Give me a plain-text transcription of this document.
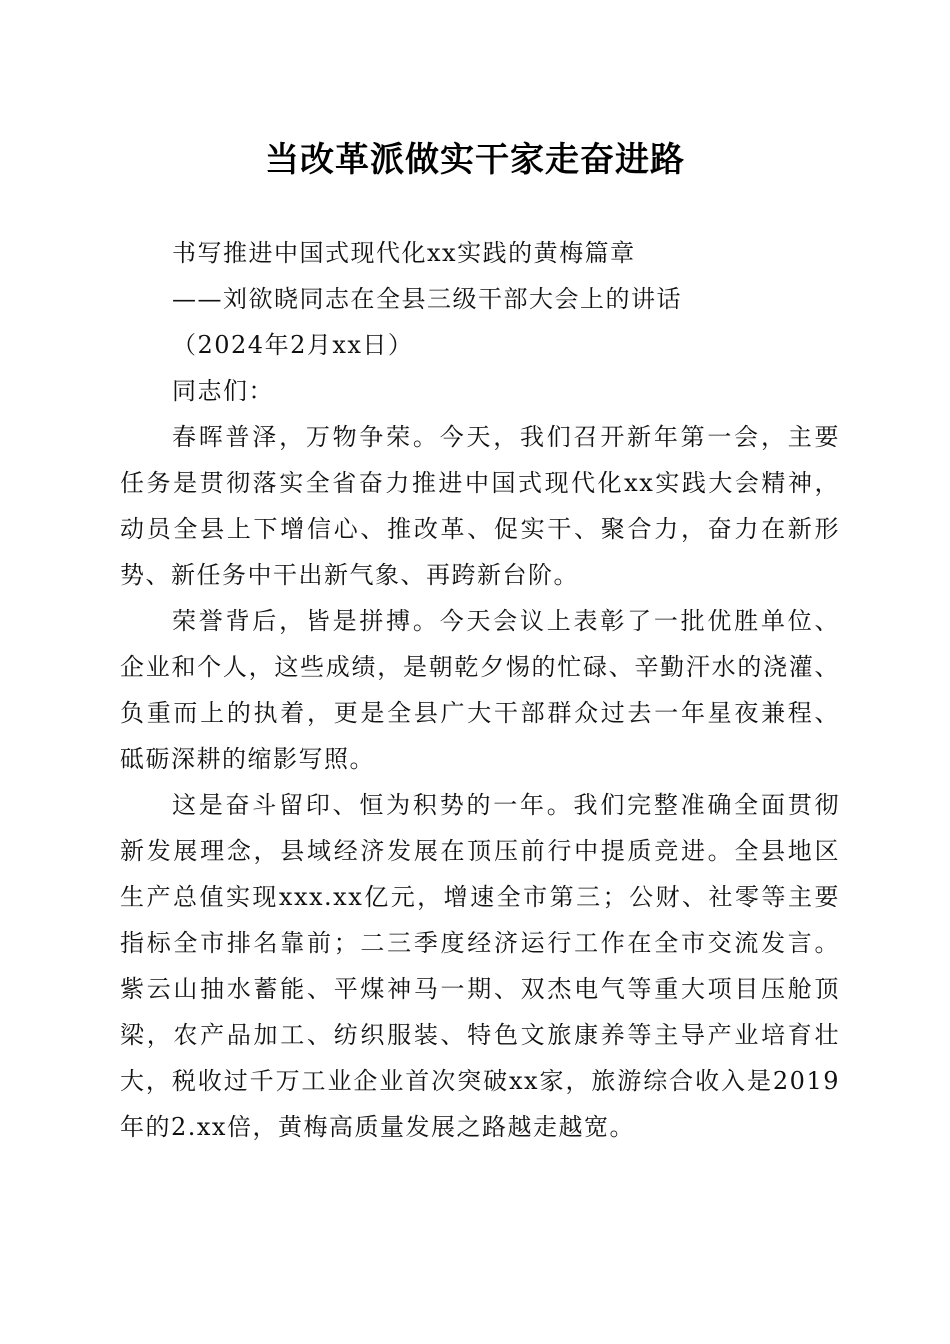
当改革派做实干家走奋进路
书写推进中国式现代化xx实践的黄梅篇章
——刘欲晓同志在全县三级干部大会上的讲话
（2024年2月xx日）
同志们：
春晖普泽，万物争荣。今天，我们召开新年第一会，主要
任务是贯彻落实全省奋力推进中国式现代化xx实践大会精神，
动员全县上下增信心、推改革、促实干、聚合力，奋力在新形
势、新任务中干出新气象、再跨新台阶。
荣誉背后，皆是拼搏。今天会议上表彰了一批优胜单位、
企业和个人，这些成绩，是朝乾夕惕的忙碌、辛勤汗水的浇灌、
负重而上的执着，更是全县广大干部群众过去一年星夜兼程、
砥砺深耕的缩影写照。
这是奋斗留印、恒为积势的一年。我们完整准确全面贯彻
新发展理念，县域经济发展在顶压前行中提质竞进。全县地区
生产总值实现xxx.xx亿元，增速全市第三；公财、社零等主要
指标全市排名靠前；二三季度经济运行工作在全市交流发言。
紫云山抽水蓄能、平煤神马一期、双杰电气等重大项目压舱顶
梁，农产品加工、纺织服装、特色文旅康养等主导产业培育壮
大，税收过千万工业企业首次突破xx家，旅游综合收入是2019
年的2.xx倍，黄梅高质量发展之路越走越宽。
